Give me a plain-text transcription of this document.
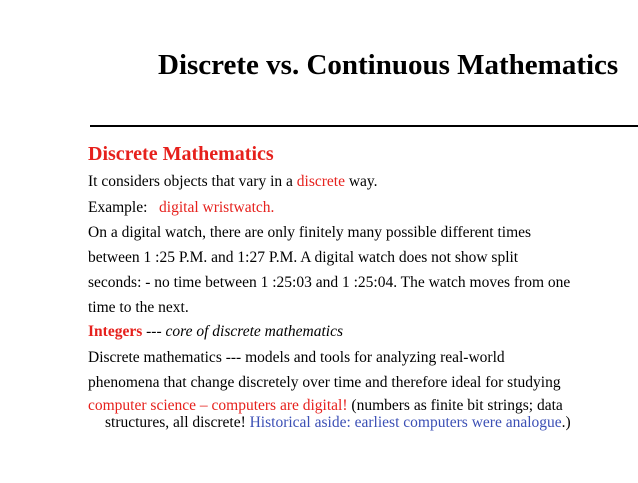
Discrete vs. Continuous Mathematics
Discrete Mathematics
It considers objects that vary in a discrete way.
Example: digital wristwatch.
On a digital watch, there are only finitely many possible different times
between 1 :25 P.M. and 1:27 P.M. A digital watch does not show split
seconds: - no time between 1 :25:03 and 1 :25:04. The watch moves from one
time to the next.
Integers --- core of discrete mathematics
Discrete mathematics --- models and tools for analyzing real-world
phenomena that change discretely over time and therefore ideal for studying
computer science – computers are digital! (numbers as finite bit strings; data
structures, all discrete! Historical aside: earliest computers were analogue.)
